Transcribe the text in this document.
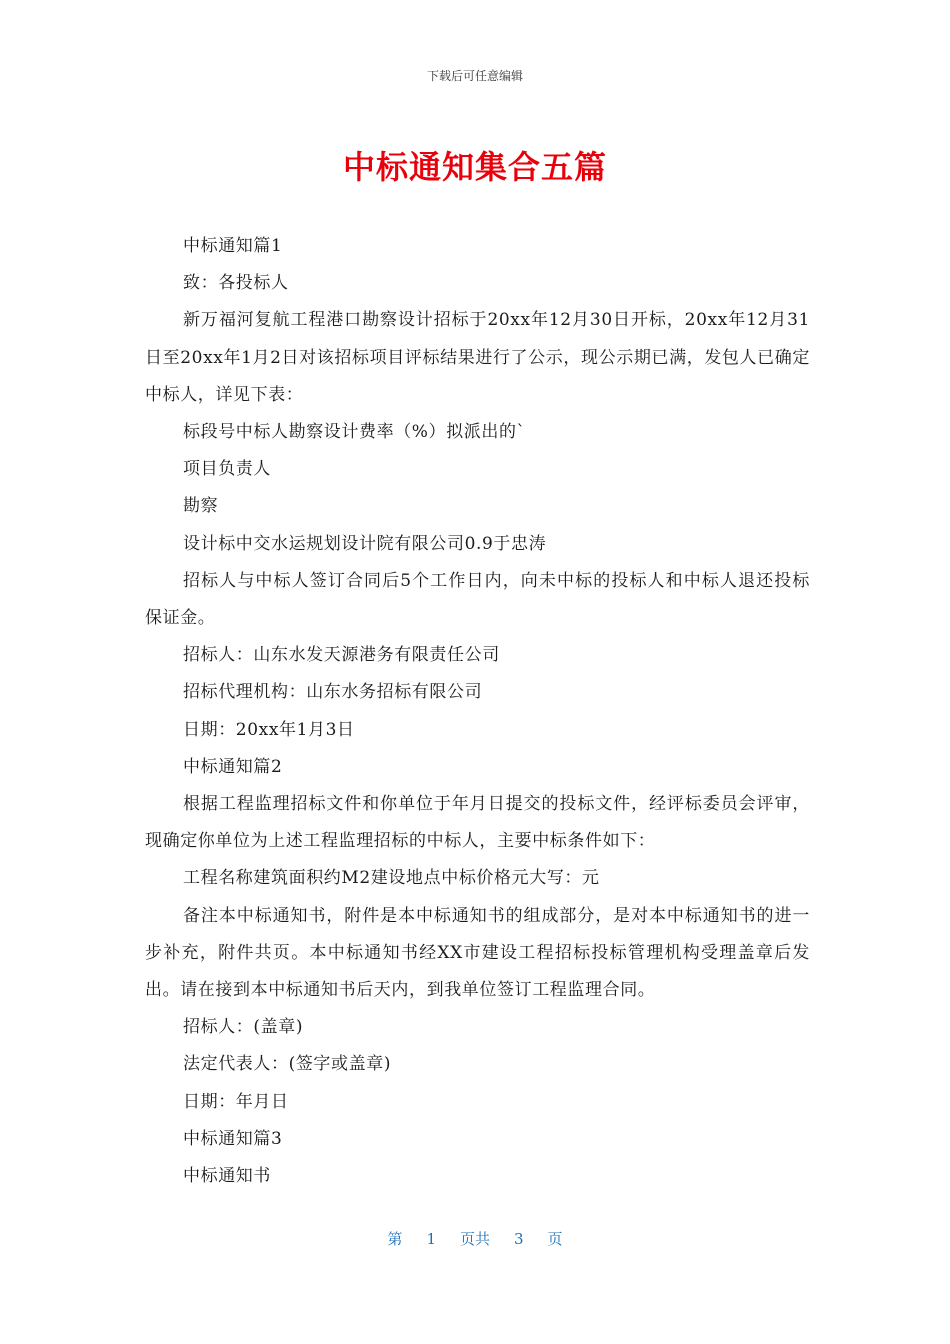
下载后可任意编辑
中标通知集合五篇

中标通知篇1

致：各投标人

新万福河复航工程港口勘察设计招标于20xx年12月30日开标，20xx年12月31日至20xx年1月2日对该招标项目评标结果进行了公示，现公示期已满，发包人已确定中标人，详见下表：

标段号中标人勘察设计费率（%）拟派出的`

项目负责人

勘察

设计标中交水运规划设计院有限公司0.9于忠涛

招标人与中标人签订合同后5个工作日内，向未中标的投标人和中标人退还投标保证金。

招标人：山东水发天源港务有限责任公司

招标代理机构：山东水务招标有限公司

日期：20xx年1月3日

中标通知篇2

根据工程监理招标文件和你单位于年月日提交的投标文件，经评标委员会评审，现确定你单位为上述工程监理招标的中标人，主要中标条件如下：

工程名称建筑面积约M2建设地点中标价格元大写：元

备注本中标通知书，附件是本中标通知书的组成部分，是对本中标通知书的进一步补充，附件共页。本中标通知书经XX市建设工程招标投标管理机构受理盖章后发出。请在接到本中标通知书后天内，到我单位签订工程监理合同。

招标人：(盖章)

法定代表人：(签字或盖章)

日期：年月日

中标通知篇3

中标通知书

第 1 页共 3 页
